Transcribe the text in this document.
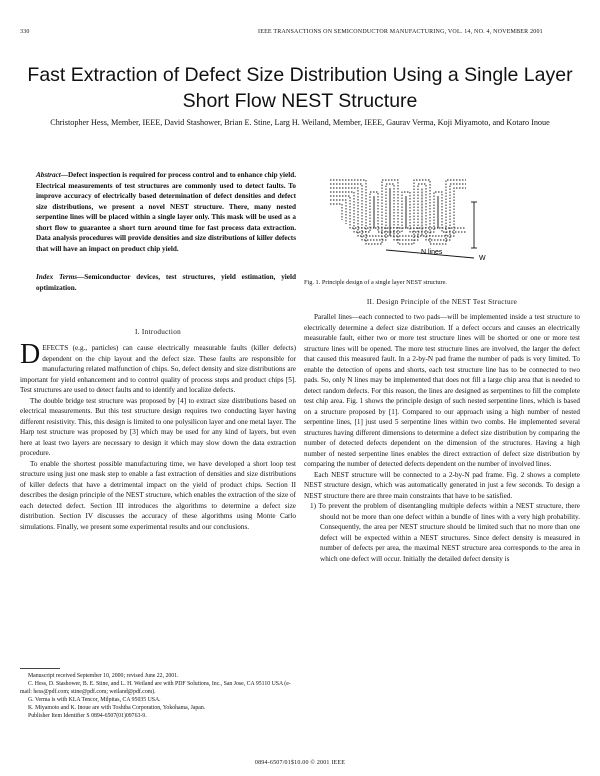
330	IEEE TRANSACTIONS ON SEMICONDUCTOR MANUFACTURING, VOL. 14, NO. 4, NOVEMBER 2001
Fast Extraction of Defect Size Distribution Using a Single Layer Short Flow NEST Structure
Christopher Hess, Member, IEEE, David Stashower, Brian E. Stine, Larg H. Weiland, Member, IEEE, Gaurav Verma, Koji Miyamoto, and Kotaro Inoue
Abstract—Defect inspection is required for process control and to enhance chip yield. Electrical measurements of test structures are commonly used to detect faults. To improve accuracy of electrically based determination of defect densities and defect size distributions, we present a novel NEST structure. There, many nested serpentine lines will be placed within a single layer only. This mask will be used as a short flow to guarantee a short turn around time for fast process data extraction. Data analysis procedures will provide densities and size distributions of killer defects that will have an impact on product chip yield.
Index Terms—Semiconductor devices, test structures, yield estimation, yield optimization.
I. Introduction
DEFECTS (e.g., particles) can cause electrically measurable faults (killer defects) dependent on the chip layout and the defect size. These faults are responsible for manufacturing related malfunction of chips. So, defect density and size distributions are important for yield enhancement and to control quality of process steps and product chips [5]. Test structures are used to detect faults and to identify and localize defects.

The double bridge test structure was proposed by [4] to extract size distributions based on electrical measurements. But this test structure design requires two conducting layer having different resistivity. This, this design is limited to one polysilicon layer and one metal layer. The Harp test structure was proposed by [3] which may be used for any kind of layers, but even here at least two layers are necessary to design it which may slow down the data extraction procedure.

To enable the shortest possible manufacturing time, we have developed a short loop test structure using just one mask step to enable a fast extraction of densities and size distributions of killer defects that have a detrimental impact on the yield of product chips. Section II describes the design principle of the NEST structure, which enables the extraction of the size of each detected defect. Section III introduces the algorithms to determine a defect size distribution. Section IV discusses the accuracy of these algorithms using Monte Carlo simulations. Finally, we present some experimental results and our conclusions.

Manuscript received September 10, 2000; revised June 22, 2001.

C. Hess, D. Stashower, B. E. Stine, and L. H. Weiland are with PDF Solutions, Inc., San Jose, CA 95110 USA (e-mail: hess@pdf.com; stine@pdf.com; weiland@pdf.com).

G. Verma is with KLA Tencor, Milpitas, CA 95035 USA.

K. Miyamoto and K. Inoue are with Toshiba Corporation, Yokohama, Japan.

Publisher Item Identifier S 0894-6507(01)09763-9.

N lines
W
Fig. 1. Principle design of a single layer NEST structure.
II. Design Principle of the NEST Test Structure

Parallel lines—each connected to two pads—will be implemented inside a test structure to electrically determine a defect size distribution. If a defect occurs and causes an electrically measurable fault, either two or more test structure lines will be shorted or one or more test structure lines will be opened. The more test structure lines are involved, the larger the defect that caused this measured fault. In a 2-by-N pad frame the number of pads is very limited. To enable the detection of opens and shorts, each test structure line has to be connected to two pads. So, only N lines may be implemented that does not fill a large chip area that is needed to detect random defects. For this reason, the lines are designed as serpentines to fill the complete test chip area. Fig. 1 shows the principle design of such nested serpentine lines, which is based on a structure proposed by [1]. Compared to our approach using a high number of nested serpentine lines, [1] just used 5 serpentine lines within two combs. He implemented several structures having different dimensions to determine a defect size distribution by comparing the number of detected defects dependent on the dimension of the structures. Having a high number of nested serpentine lines enables the direct extraction of defect size distribution by comparing the number of detected defects dependent on the number of involved lines.

Each NEST structure will be connected to a 2-by-N pad frame. Fig. 2 shows a complete NEST structure design, which was automatically generated in just a few seconds. To design a NEST structure there are three main constraints that have to be satisfied.

1) To prevent the problem of disentangling multiple defects within a NEST structure, there should not be more than one defect within a bundle of lines with a very high probability. Consequently, the area per NEST structure should be limited such that no more than one defect will be expected within a NEST structures. Since defect density is measured in number of defects per area, the maximal NEST structure area corresponds to the area in which one defect will occur. Initially the detailed defect density is
0894-6507/01$10.00 © 2001 IEEE
